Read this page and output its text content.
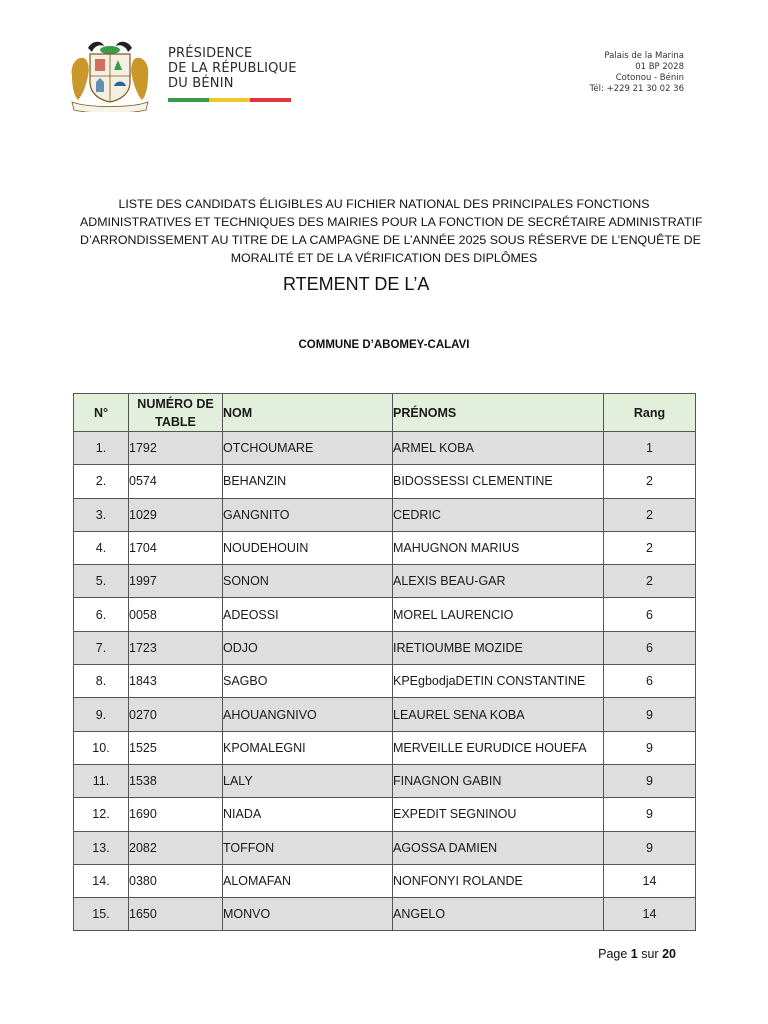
PRÉSIDENCE
DE LA RÉPUBLIQUE
DU BÉNIN
Palais de la Marina
01 BP 2028
Cotonou - Bénin
Tél: +229 21 30 02 36
LISTE DES CANDIDATS ÉLIGIBLES AU FICHIER NATIONAL DES PRINCIPALES FONCTIONS
ADMINISTRATIVES ET TECHNIQUES DES MAIRIES POUR LA FONCTION DE SECRÉTAIRE ADMINISTRATIF
D’ARRONDISSEMENT AU TITRE DE LA CAMPAGNE DE L’ANNÉE 2025 SOUS RÉSERVE DE L’ENQUÊTE DE
MORALITÉ ET DE LA VÉRIFICATION DES DIPLÔMES
RTEMENT DE L’A
COMMUNE D’ABOMEY-CALAVI
N°	NUMÉRO DE TABLE	NOM	PRÉNOMS	Rang
1.	1792	OTCHOUMARE	ARMEL KOBA	1
2.	0574	BEHANZIN	BIDOSSESSI CLEMENTINE	2
3.	1029	GANGNITO	CEDRIC	2
4.	1704	NOUDEHOUIN	MAHUGNON MARIUS	2
5.	1997	SONON	ALEXIS BEAU-GAR	2
6.	0058	ADEOSSI	MOREL LAURENCIO	6
7.	1723	ODJO	IRETIOUMBE MOZIDE	6
8.	1843	SAGBO	KPEgbodjaDETIN CONSTANTINE	6
9.	0270	AHOUANGNIVO	LEAUREL SENA KOBA	9
10.	1525	KPOMALEGNI	MERVEILLE EURUDICE HOUEFA	9
11.	1538	LALY	FINAGNON GABIN	9
12.	1690	NIADA	EXPEDIT SEGNINOU	9
13.	2082	TOFFON	AGOSSA DAMIEN	9
14.	0380	ALOMAFAN	NONFONYI ROLANDE	14
15.	1650	MONVO	ANGELO	14
Page 1 sur 20
